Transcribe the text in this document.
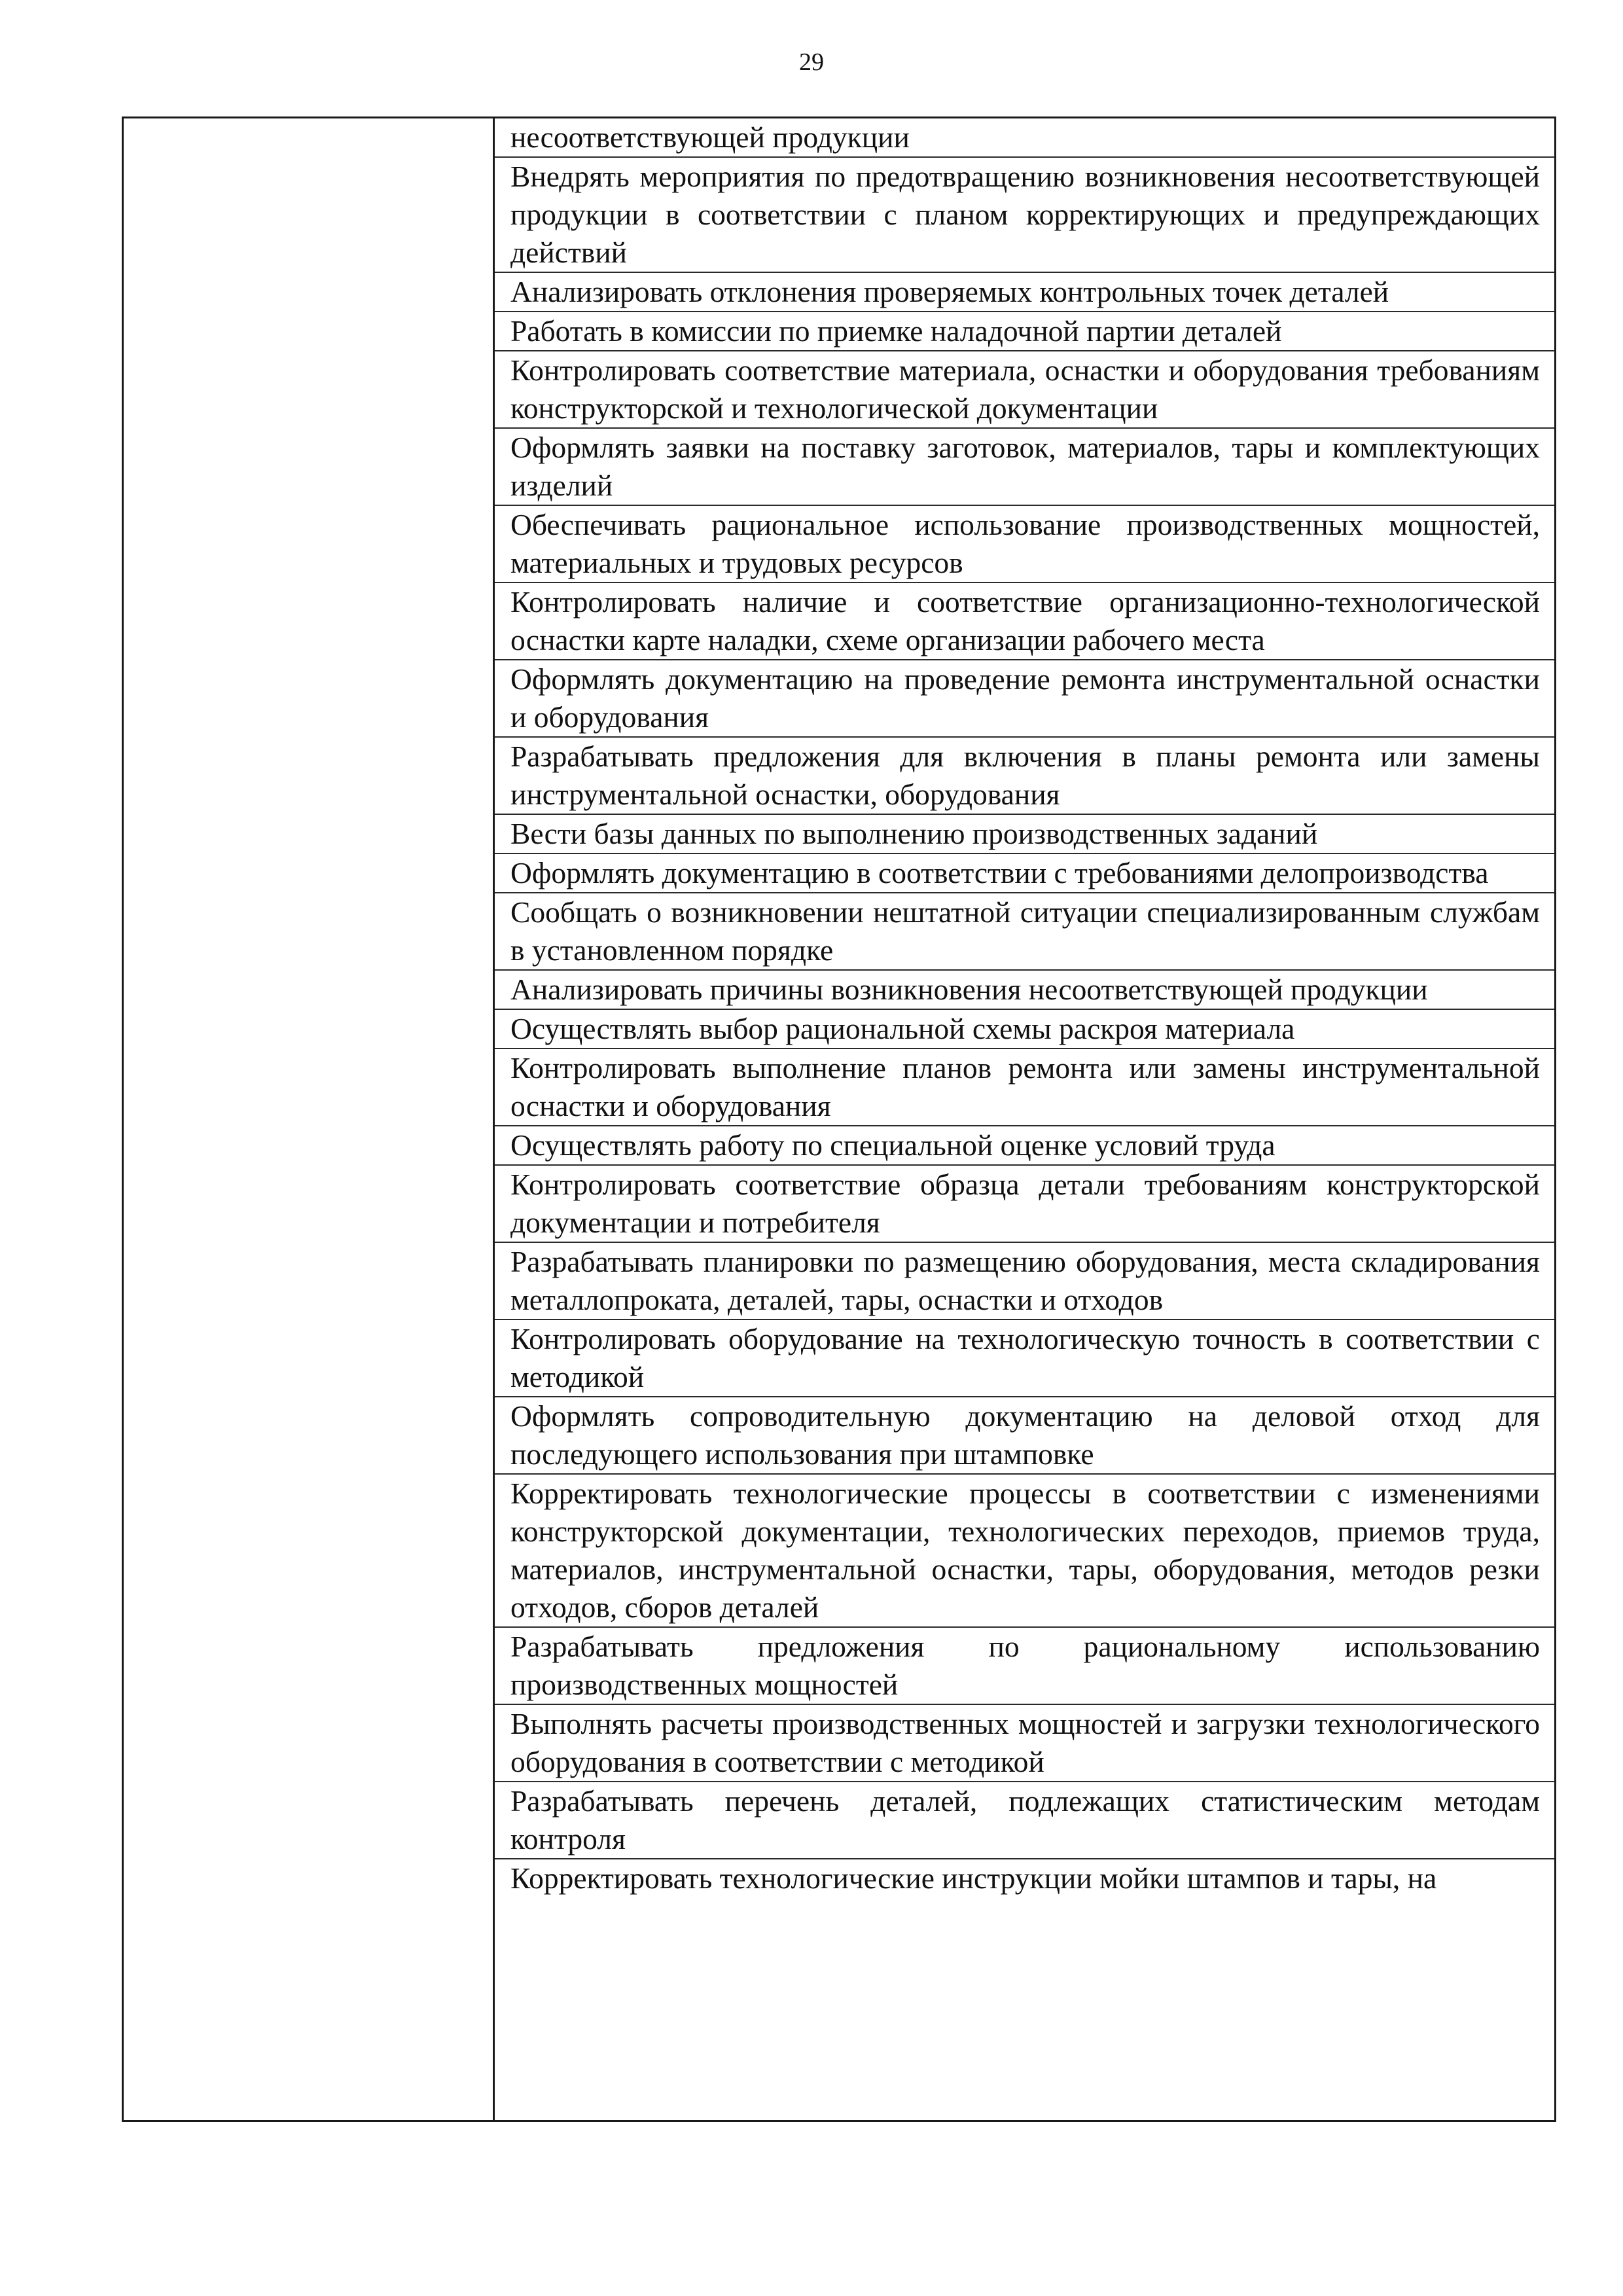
29
несоответствующей продукции
Внедрять мероприятия по предотвращению возникновения несоответствующей продукции в соответствии с планом корректирующих и предупреждающих действий
Анализировать отклонения проверяемых контрольных точек деталей
Работать в комиссии по приемке наладочной партии деталей
Контролировать соответствие материала, оснастки и оборудования требованиям конструкторской и технологической документации
Оформлять заявки на поставку заготовок, материалов, тары и комплектующих изделий
Обеспечивать рациональное использование производственных мощностей, материальных и трудовых ресурсов
Контролировать наличие и соответствие организационно-технологической оснастки карте наладки, схеме организации рабочего места
Оформлять документацию на проведение ремонта инструментальной оснастки и оборудования
Разрабатывать предложения для включения в планы ремонта или замены инструментальной оснастки, оборудования
Вести базы данных по выполнению производственных заданий
Оформлять документацию в соответствии с требованиями делопроизводства
Сообщать о возникновении нештатной ситуации специализированным службам в установленном порядке
Анализировать причины возникновения несоответствующей продукции
Осуществлять выбор рациональной схемы раскроя материала
Контролировать выполнение планов ремонта или замены инструментальной оснастки и оборудования
Осуществлять работу по специальной оценке условий труда
Контролировать соответствие образца детали требованиям конструкторской документации и потребителя
Разрабатывать планировки по размещению оборудования, места складирования металлопроката, деталей, тары, оснастки и отходов
Контролировать оборудование на технологическую точность в соответствии с методикой
Оформлять сопроводительную документацию на деловой отход для последующего использования при штамповке
Корректировать технологические процессы в соответствии с изменениями конструкторской документации, технологических переходов, приемов труда, материалов, инструментальной оснастки, тары, оборудования, методов резки отходов, сборов деталей
Разрабатывать предложения по рациональному использованию производственных мощностей
Выполнять расчеты производственных мощностей и загрузки технологического оборудования в соответствии с методикой
Разрабатывать перечень деталей, подлежащих статистическим методам контроля
Корректировать технологические инструкции мойки штампов и тары, на
